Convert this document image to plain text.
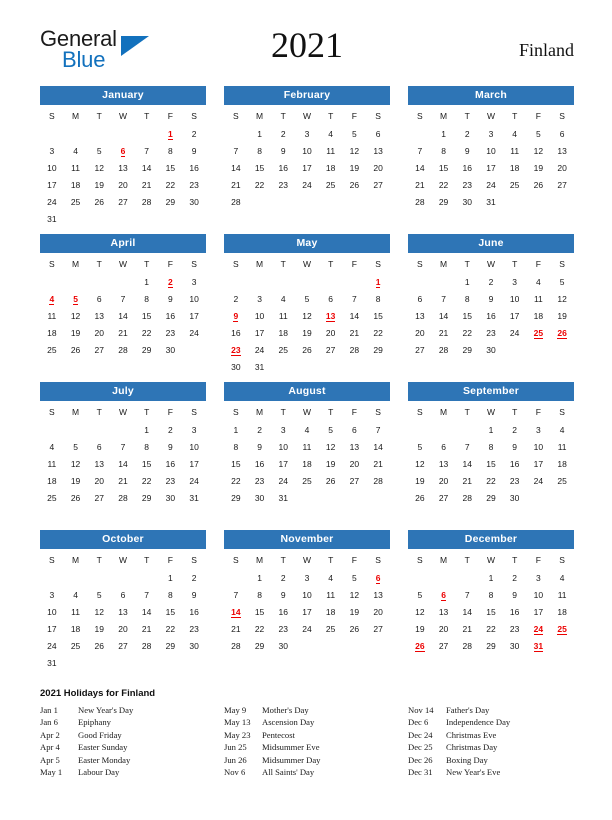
General
Blue	2021	Finland
January
S	M	T	W	T	F	S
					1	2
3	4	5	6	7	8	9
10	11	12	13	14	15	16
17	18	19	20	21	22	23
24	25	26	27	28	29	30
31						
February
S	M	T	W	T	F	S
	1	2	3	4	5	6
7	8	9	10	11	12	13
14	15	16	17	18	19	20
21	22	23	24	25	26	27
28						

March
S	M	T	W	T	F	S
	1	2	3	4	5	6
7	8	9	10	11	12	13
14	15	16	17	18	19	20
21	22	23	24	25	26	27
28	29	30	31			

April
S	M	T	W	T	F	S
				1	2	3
4	5	6	7	8	9	10
11	12	13	14	15	16	17
18	19	20	21	22	23	24
25	26	27	28	29	30	

May
S	M	T	W	T	F	S
						1
2	3	4	5	6	7	8
9	10	11	12	13	14	15
16	17	18	19	20	21	22
23	24	25	26	27	28	29
30	31					
June
S	M	T	W	T	F	S
		1	2	3	4	5
6	7	8	9	10	11	12
13	14	15	16	17	18	19
20	21	22	23	24	25	26
27	28	29	30			

July
S	M	T	W	T	F	S
				1	2	3
4	5	6	7	8	9	10
11	12	13	14	15	16	17
18	19	20	21	22	23	24
25	26	27	28	29	30	31

August
S	M	T	W	T	F	S
1	2	3	4	5	6	7
8	9	10	11	12	13	14
15	16	17	18	19	20	21
22	23	24	25	26	27	28
29	30	31				

September
S	M	T	W	T	F	S
			1	2	3	4
5	6	7	8	9	10	11
12	13	14	15	16	17	18
19	20	21	22	23	24	25
26	27	28	29	30		

October
S	M	T	W	T	F	S
					1	2
3	4	5	6	7	8	9
10	11	12	13	14	15	16
17	18	19	20	21	22	23
24	25	26	27	28	29	30
31						
November
S	M	T	W	T	F	S
	1	2	3	4	5	6
7	8	9	10	11	12	13
14	15	16	17	18	19	20
21	22	23	24	25	26	27
28	29	30				

December
S	M	T	W	T	F	S
			1	2	3	4
5	6	7	8	9	10	11
12	13	14	15	16	17	18
19	20	21	22	23	24	25
26	27	28	29	30	31	

2021 Holidays for Finland
Jan 1	New Year's Day
Jan 6	Epiphany
Apr 2	Good Friday
Apr 4	Easter Sunday
Apr 5	Easter Monday
May 1	Labour Day
May 9	Mother's Day
May 13	Ascension Day
May 23	Pentecost
Jun 25	Midsummer Eve
Jun 26	Midsummer Day
Nov 6	All Saints' Day
Nov 14	Father's Day
Dec 6	Independence Day
Dec 24	Christmas Eve
Dec 25	Christmas Day
Dec 26	Boxing Day
Dec 31	New Year's Eve
